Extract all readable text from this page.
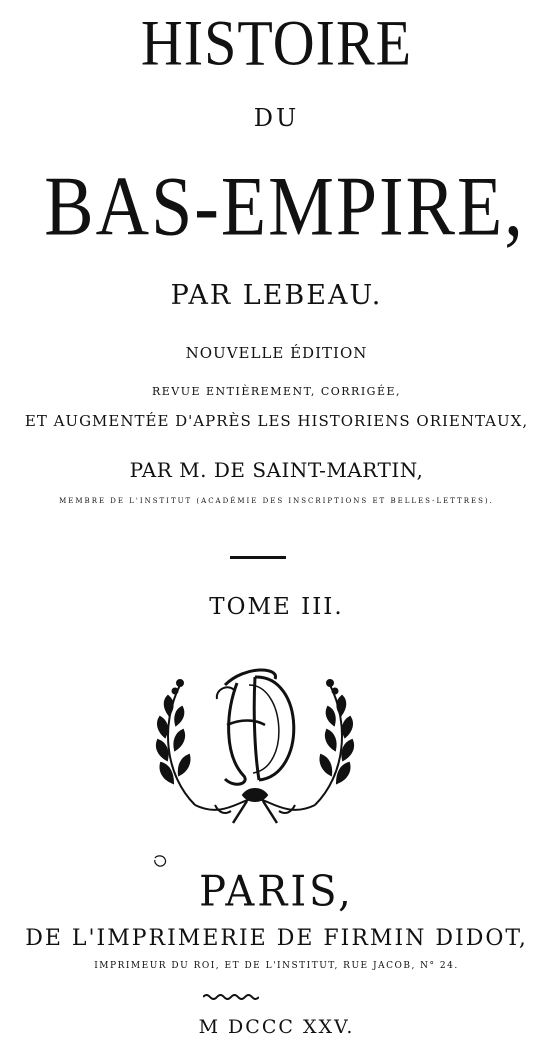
HISTOIRE
DU
BAS-EMPIRE,
PAR LEBEAU.
NOUVELLE ÉDITION
REVUE ENTIÈREMENT, CORRIGÉE,
ET AUGMENTÉE D'APRÈS LES HISTORIENS ORIENTAUX,
PAR M. DE SAINT-MARTIN,
MEMBRE DE L'INSTITUT (ACADÉMIE DES INSCRIPTIONS ET BELLES-LETTRES).
TOME III.
PARIS,
DE L'IMPRIMERIE DE FIRMIN DIDOT,
IMPRIMEUR DU ROI, ET DE L'INSTITUT, RUE JACOB, N° 24.
M DCCC XXV.
